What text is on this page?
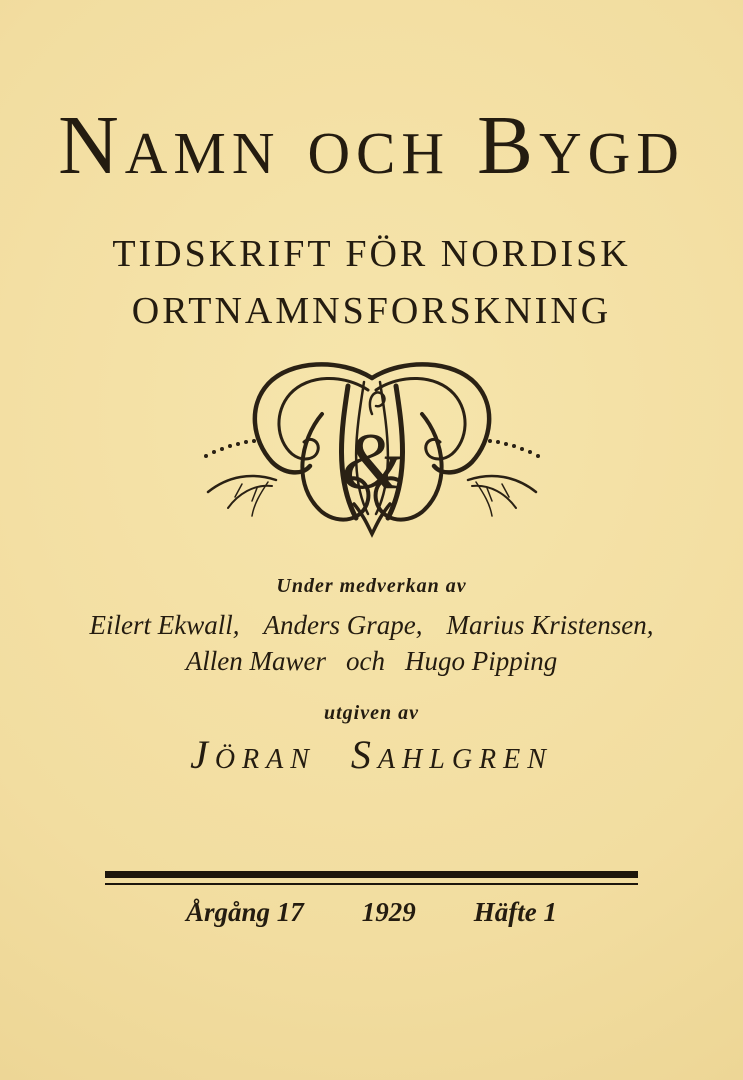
Namn och Bygd
TIDSKRIFT FÖR NORDISK
ORTNAMNSFORSKNING
&
Under medverkan av
Eilert Ekwall, Anders Grape, Marius Kristensen,
Allen Mawer och Hugo Pipping
utgiven av
Jöran Sahlgren
Årgång 17 1929 Häfte 1
